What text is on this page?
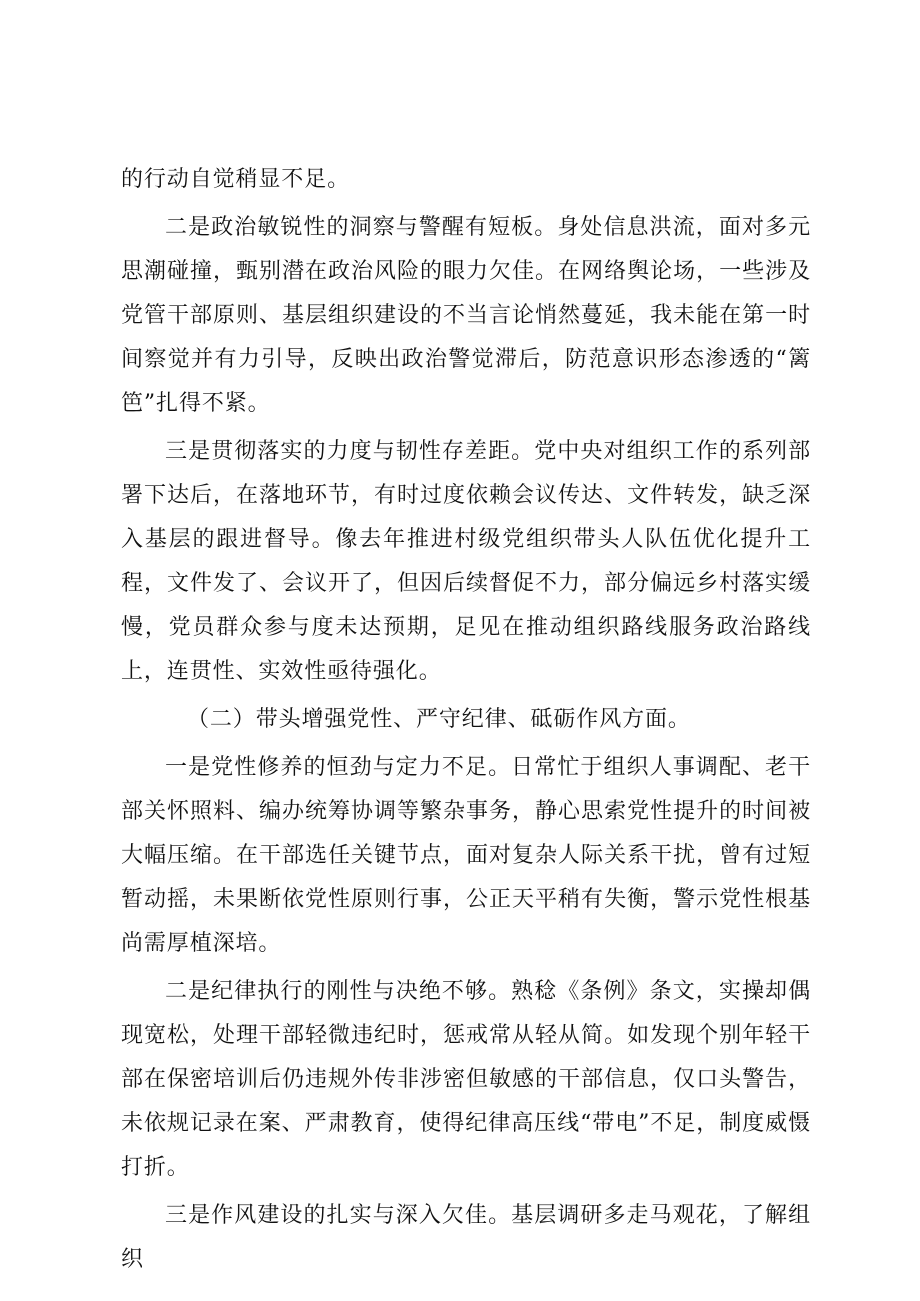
的行动自觉稍显不足。

二是政治敏锐性的洞察与警醒有短板。身处信息洪流，面对多元思潮碰撞，甄别潜在政治风险的眼力欠佳。在网络舆论场，一些涉及党管干部原则、基层组织建设的不当言论悄然蔓延，我未能在第一时间察觉并有力引导，反映出政治警觉滞后，防范意识形态渗透的“篱笆”扎得不紧。

三是贯彻落实的力度与韧性存差距。党中央对组织工作的系列部署下达后，在落地环节，有时过度依赖会议传达、文件转发，缺乏深入基层的跟进督导。像去年推进村级党组织带头人队伍优化提升工程，文件发了、会议开了，但因后续督促不力，部分偏远乡村落实缓慢，党员群众参与度未达预期，足见在推动组织路线服务政治路线上，连贯性、实效性亟待强化。

（二）带头增强党性、严守纪律、砥砺作风方面。

一是党性修养的恒劲与定力不足。日常忙于组织人事调配、老干部关怀照料、编办统筹协调等繁杂事务，静心思索党性提升的时间被大幅压缩。在干部选任关键节点，面对复杂人际关系干扰，曾有过短暂动摇，未果断依党性原则行事，公正天平稍有失衡，警示党性根基尚需厚植深培。

二是纪律执行的刚性与决绝不够。熟稔《条例》条文，实操却偶现宽松，处理干部轻微违纪时，惩戒常从轻从简。如发现个别年轻干部在保密培训后仍违规外传非涉密但敏感的干部信息，仅口头警告，未依规记录在案、严肃教育，使得纪律高压线“带电”不足，制度威慑打折。

三是作风建设的扎实与深入欠佳。基层调研多走马观花，了解组织
